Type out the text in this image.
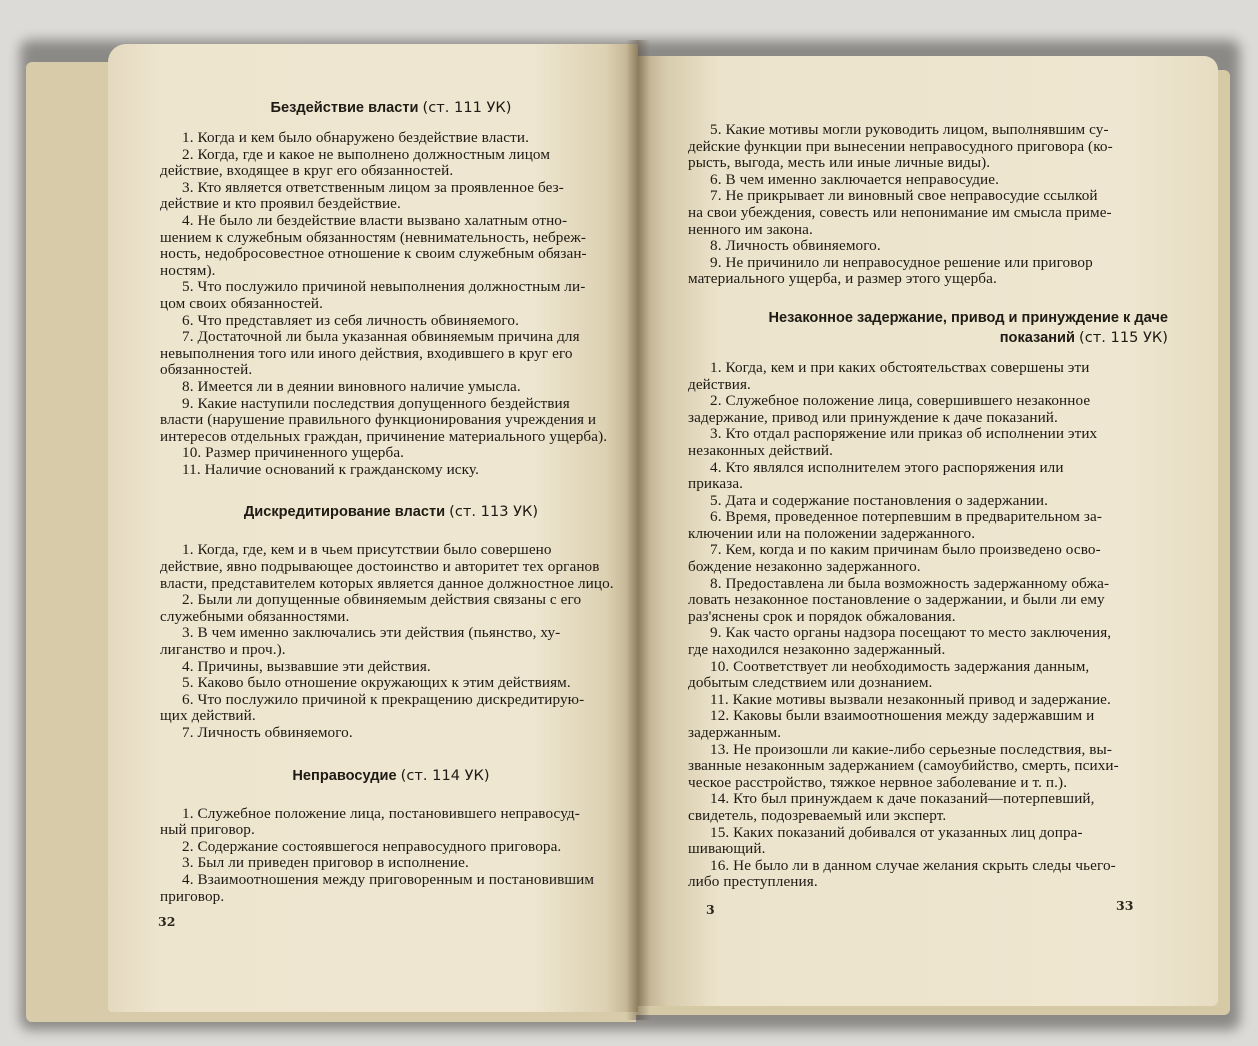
Бездействие власти (ст. 111 УК)

1. Когда и кем было обнаружено бездействие власти.

2. Когда, где и какое не выполнено должностным лицом

действие, входящее в круг его обязанностей.

3. Кто является ответственным лицом за проявленное без-

действие и кто проявил бездействие.

4. Не было ли бездействие власти вызвано халатным отно-

шением к служебным обязанностям (невнимательность, небреж-

ность, недобросовестное отношение к своим служебным обязан-

ностям).

5. Что послужило причиной невыполнения должностным ли-

цом своих обязанностей.

6. Что представляет из себя личность обвиняемого.

7. Достаточной ли была указанная обвиняемым причина для

невыполнения того или иного действия, входившего в круг его

обязанностей.

8. Имеется ли в деянии виновного наличие умысла.

9. Какие наступили последствия допущенного бездействия

власти (нарушение правильного функционирования учреждения и

интересов отдельных граждан, причинение материального ущерба).

10. Размер причиненного ущерба.

11. Наличие оснований к гражданскому иску.

Дискредитирование власти (ст. 113 УК)

1. Когда, где, кем и в чьем присутствии было совершено

действие, явно подрывающее достоинство и авторитет тех органов

власти, представителем которых является данное должностное лицо.

2. Были ли допущенные обвиняемым действия связаны с его

служебными обязанностями.

3. В чем именно заключались эти действия (пьянство, ху-

лиганство и проч.).

4. Причины, вызвавшие эти действия.

5. Каково было отношение окружающих к этим действиям.

6. Что послужило причиной к прекращению дискредитирую-

щих действий.

7. Личность обвиняемого.

Неправосудие (ст. 114 УК)

1. Служебное положение лица, постановившего неправосуд-

ный приговор.

2. Содержание состоявшегося неправосудного приговора.

3. Был ли приведен приговор в исполнение.

4. Взаимоотношения между приговоренным и постановившим

приговор.

32

5. Какие мотивы могли руководить лицом, выполнявшим су-

дейские функции при вынесении неправосудного приговора (ко-

рысть, выгода, месть или иные личные виды).

6. В чем именно заключается неправосудие.

7. Не прикрывает ли виновный свое неправосудие ссылкой

на свои убеждения, совесть или непонимание им смысла приме-

ненного им закона.

8. Личность обвиняемого.

9. Не причинило ли неправосудное решение или приговор

материального ущерба, и размер этого ущерба.

Незаконное задержание, привод и принуждение к даче
показаний (ст. 115 УК)

1. Когда, кем и при каких обстоятельствах совершены эти

действия.

2. Служебное положение лица, совершившего незаконное

задержание, привод или принуждение к даче показаний.

3. Кто отдал распоряжение или приказ об исполнении этих

незаконных действий.

4. Кто являлся исполнителем этого распоряжения или

приказа.

5. Дата и содержание постановления о задержании.

6. Время, проведенное потерпевшим в предварительном за-

ключении или на положении задержанного.

7. Кем, когда и по каким причинам было произведено осво-

бождение незаконно задержанного.

8. Предоставлена ли была возможность задержанному обжа-

ловать незаконное постановление о задержании, и были ли ему

раз'яснены срок и порядок обжалования.

9. Как часто органы надзора посещают то место заключения,

где находился незаконно задержанный.

10. Соответствует ли необходимость задержания данным,

добытым следствием или дознанием.

11. Какие мотивы вызвали незаконный привод и задержание.

12. Каковы были взаимоотношения между задержавшим и

задержанным.

13. Не произошли ли какие-либо серьезные последствия, вы-

званные незаконным задержанием (самоубийство, смерть, психи-

ческое расстройство, тяжкое нервное заболевание и т. п.).

14. Кто был принуждаем к даче показаний—потерпевший,

свидетель, подозреваемый или эксперт.

15. Каких показаний добивался от указанных лиц допра-

шивающий.

16. Не было ли в данном случае желания скрыть следы чьего-

либо преступления.

3	33
